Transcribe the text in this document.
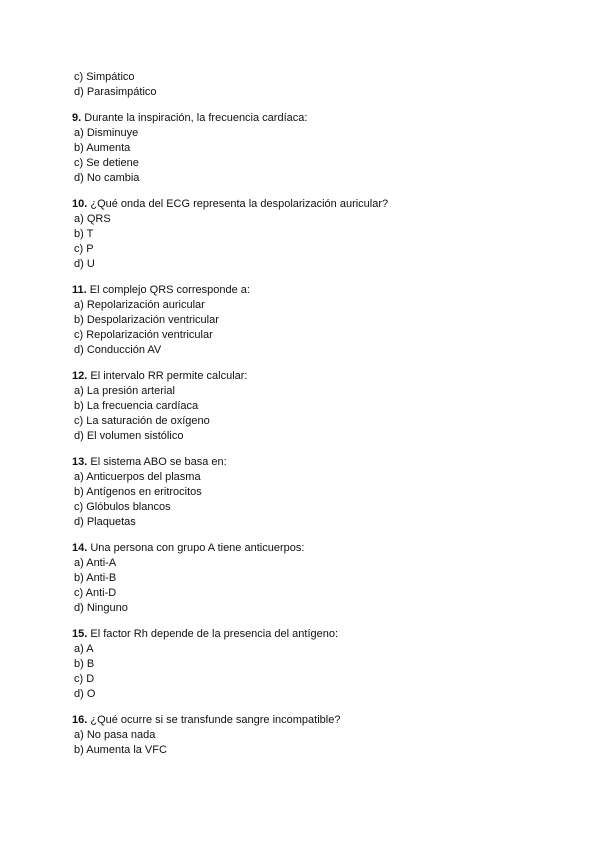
c) Simpático
d) Parasimpático
9. Durante la inspiración, la frecuencia cardíaca:
a) Disminuye
b) Aumenta
c) Se detiene
d) No cambia
10. ¿Qué onda del ECG representa la despolarización auricular?
a) QRS
b) T
c) P
d) U
11. El complejo QRS corresponde a:
a) Repolarización auricular
b) Despolarización ventricular
c) Repolarización ventricular
d) Conducción AV
12. El intervalo RR permite calcular:
a) La presión arterial
b) La frecuencia cardíaca
c) La saturación de oxígeno
d) El volumen sistólico
13. El sistema ABO se basa en:
a) Anticuerpos del plasma
b) Antígenos en eritrocitos
c) Glóbulos blancos
d) Plaquetas
14. Una persona con grupo A tiene anticuerpos:
a) Anti-A
b) Anti-B
c) Anti-D
d) Ninguno
15. El factor Rh depende de la presencia del antígeno:
a) A
b) B
c) D
d) O
16. ¿Qué ocurre si se transfunde sangre incompatible?
a) No pasa nada
b) Aumenta la VFC
